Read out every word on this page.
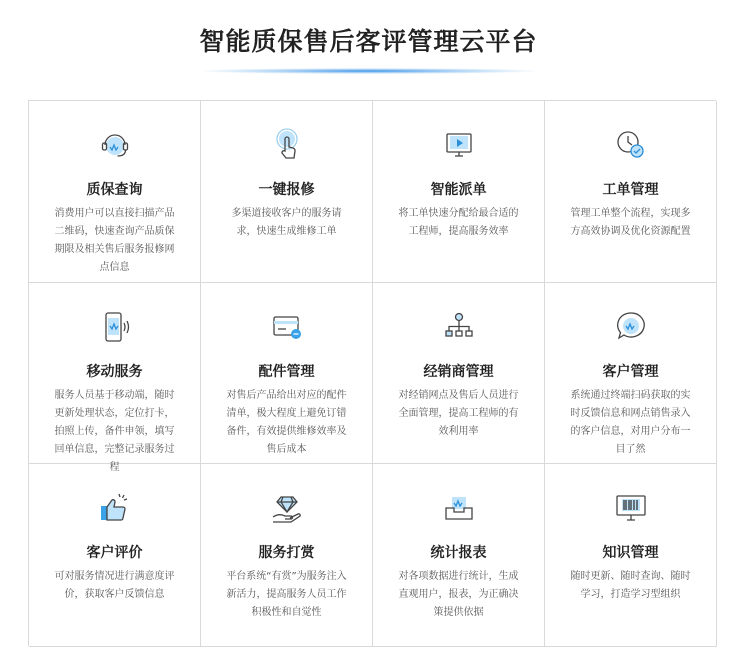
智能质保售后客评管理云平台
质保查询
消费用户可以直接扫描产品二维码，快速查询产品质保期限及相关售后服务报修网点信息
一键报修
多渠道接收客户的服务请求，快速生成维修工单
智能派单
将工单快速分配给最合适的工程师，提高服务效率
工单管理
管理工单整个流程，实现多方高效协调及优化资源配置
移动服务
服务人员基于移动端，随时更新处理状态，定位打卡，拍照上传，备件申领，填写回单信息，完整记录服务过程
配件管理
对售后产品给出对应的配件清单，极大程度上避免订错备件，有效提供维修效率及售后成本
经销商管理
对经销网点及售后人员进行全面管理，提高工程师的有效利用率
客户管理
系统通过终端扫码获取的实时反馈信息和网点销售录入的客户信息，对用户分布一目了然
客户评价
可对服务情况进行满意度评价，获取客户反馈信息
服务打赏
平台系统“有赏”为服务注入新活力，提高服务人员工作积极性和自觉性
统计报表
对各项数据进行统计，生成直观用户，报表，为正确决策提供依据
知识管理
随时更新、随时查询、随时学习，打造学习型组织
